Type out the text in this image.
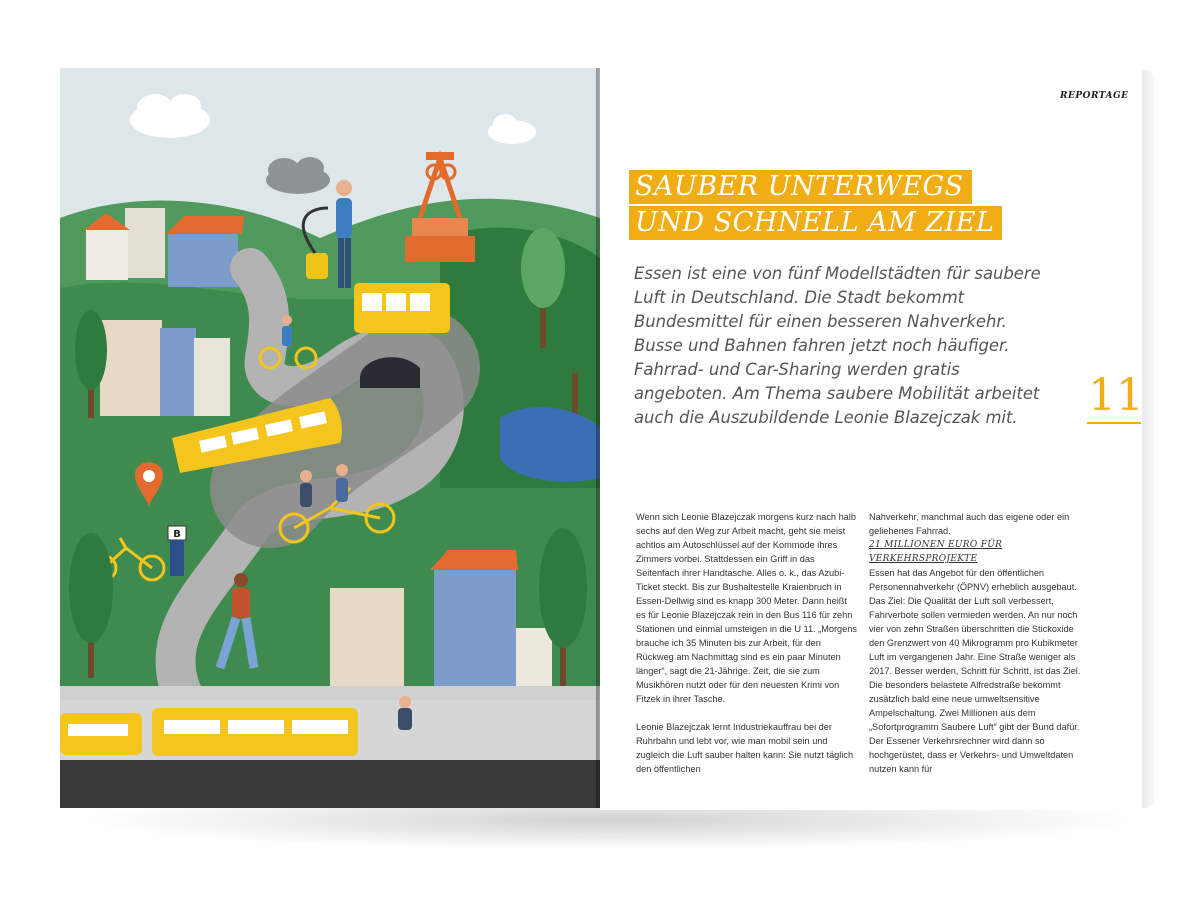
B
REPORTAGE
SAUBER UNTERWEGS
UND SCHNELL AM ZIEL
Essen ist eine von fünf Modellstädten für saubere Luft in Deutschland. Die Stadt bekommt Bundesmittel für einen besseren Nahverkehr. Busse und Bahnen fahren jetzt noch häufiger. Fahrrad- und Car-Sharing werden gratis angeboten. Am Thema saubere Mobilität arbeitet auch die Auszubildende Leonie Blazejczak mit.	11

Wenn sich Leonie Blazejczak morgens kurz nach halb sechs auf den Weg zur Arbeit macht, geht sie meist achtlos am Autoschlüssel auf der Kommode ihres Zimmers vorbei. Stattdessen ein Griff in das Seitenfach ihrer Handtasche. Alles o. k., das Azubi-Ticket steckt. Bis zur Bushaltestelle Kraienbruch in Essen-Dellwig sind es knapp 300 Meter. Dann heißt es für Leonie Blazejczak rein in den Bus 116 für zehn Stationen und einmal umsteigen in die U 11. „Morgens brauche ich 35 Minuten bis zur Arbeit, für den Rückweg am Nachmittag sind es ein paar Minuten länger“, sagt die 21-Jährige. Zeit, die sie zum Musikhören nutzt oder für den neuesten Krimi von Fitzek in ihrer Tasche.

Leonie Blazejczak lernt Industriekauffrau bei der Ruhrbahn und lebt vor, wie man mobil sein und zugleich die Luft sauber halten kann: Sie nutzt täglich den öffentlichen

Nahverkehr, manchmal auch das eigene oder ein geliehenes Fahrrad.

21 MILLIONEN EURO FÜR VERKEHRSPROJEKTE

Essen hat das Angebot für den öffentlichen Personennahverkehr (ÖPNV) erheblich ausgebaut. Das Ziel: Die Qualität der Luft soll verbessert, Fahrverbote sollen vermieden werden. An nur noch vier von zehn Straßen überschritten die Stickoxide den Grenzwert von 40 Mikrogramm pro Kubikmeter Luft im vergangenen Jahr. Eine Straße weniger als 2017. Besser werden, Schritt für Schritt, ist das Ziel. Die besonders belastete Alfredstraße bekommt zusätzlich bald eine neue umweltsensitive Ampelschaltung. Zwei Millionen aus dem „Sofortprogramm Saubere Luft“ gibt der Bund dafür. Der Essener Verkehrsrechner wird dann so hochgerüstet, dass er Verkehrs- und Umweltdaten nutzen kann für
